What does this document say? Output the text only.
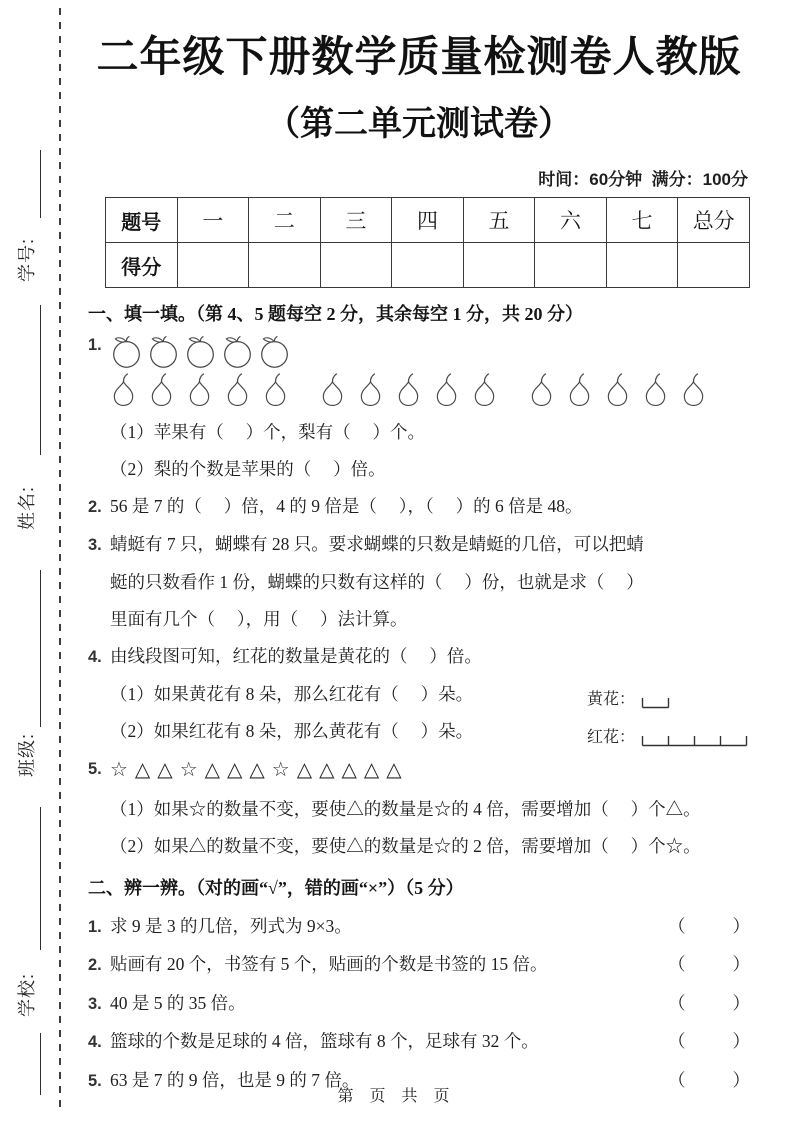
学号:
姓名:
班级:
学校:
二年级下册数学质量检测卷人教版
（第二单元测试卷）
时间：60分钟  满分：100分
题号	一	二	三	四	五	六	七	总分
得分								
一、填一填。（第 4、5 题每空 2 分，其余每空 1 分，共 20 分）
1.
（1）苹果有（     ）个，梨有（     ）个。
（2）梨的个数是苹果的（     ）倍。
2. 56 是 7 的（     ）倍，4 的 9 倍是（     ），（     ）的 6 倍是 48。
3. 蜻蜓有 7 只，蝴蝶有 28 只。要求蝴蝶的只数是蜻蜓的几倍，可以把蜻
蜓的只数看作 1 份，蝴蝶的只数有这样的（     ）份，也就是求（     ）
里面有几个（     ），用（     ）法计算。
4. 由线段图可知，红花的数量是黄花的（     ）倍。
（1）如果黄花有 8 朵，那么红花有（     ）朵。
（2）如果红花有 8 朵，那么黄花有（     ）朵。
黄花：
红花：
5. ☆△△☆△△△☆△△△△△
（1）如果☆的数量不变，要使△的数量是☆的 4 倍，需要增加（     ）个△。
（2）如果△的数量不变，要使△的数量是☆的 2 倍，需要增加（     ）个☆。
二、辨一辨。（对的画“√”，错的画“×”）（5 分）
1. 求 9 是 3 的几倍，列式为 9×3。	（	）
2. 贴画有 20 个，书签有 5 个，贴画的个数是书签的 15 倍。	（	）
3. 40 是 5 的 35 倍。	（	）
4. 篮球的个数是足球的 4 倍，篮球有 8 个，足球有 32 个。	（	）
5. 63 是 7 的 9 倍，也是 9 的 7 倍。	（	）
第 页 共 页
